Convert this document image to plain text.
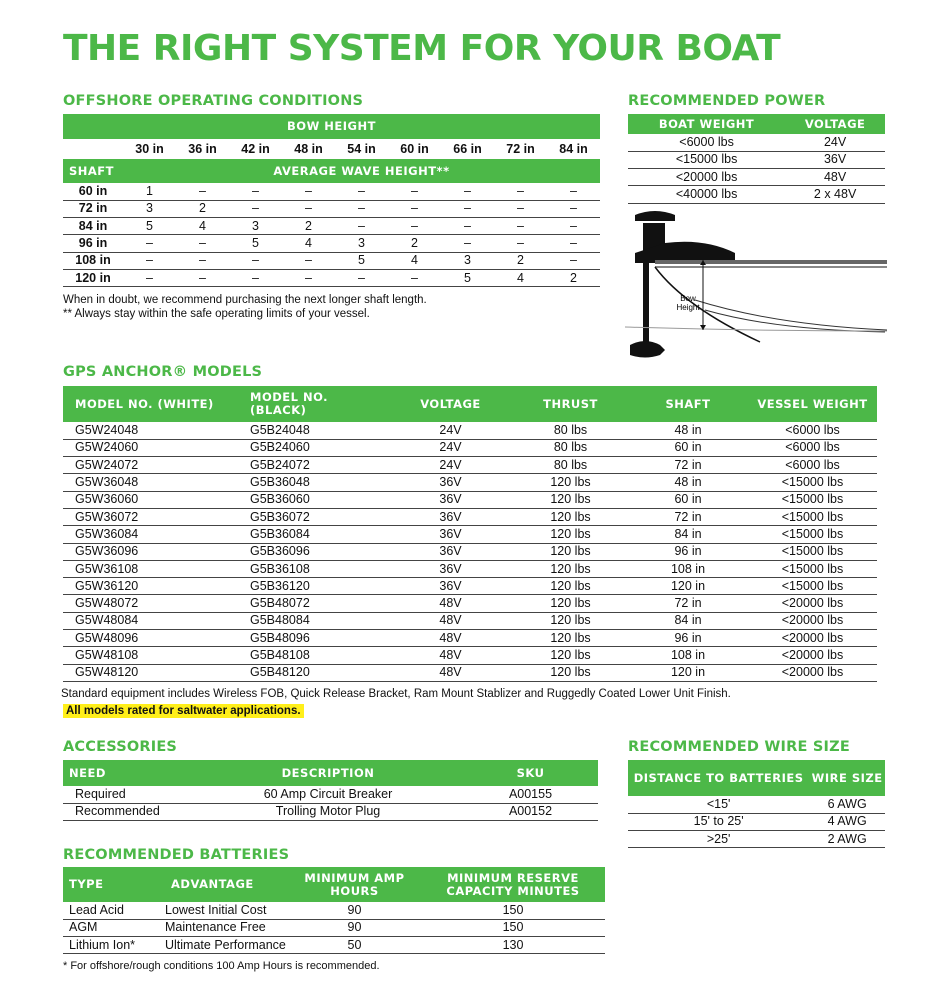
THE RIGHT SYSTEM FOR YOUR BOAT
OFFSHORE OPERATING CONDITIONS
BOW HEIGHT									
	30 in	36 in	42 in	48 in	54 in	60 in	66 in	72 in	84 in
SHAFT	AVERAGE WAVE HEIGHT**								
60 in	1	–	–	–	–	–	–	–	–
72 in	3	2	–	–	–	–	–	–	–
84 in	5	4	3	2	–	–	–	–	–
96 in	–	–	5	4	3	2	–	–	–
108 in	–	–	–	–	5	4	3	2	–
120 in	–	–	–	–	–	–	5	4	2
When in doubt, we recommend purchasing the next longer shaft length.
** Always stay within the safe operating limits of your vessel.
RECOMMENDED POWER
BOAT WEIGHT	VOLTAGE
<6000 lbs	24V
<15000 lbs	36V
<20000 lbs	48V
<40000 lbs	2 x 48V
Bow Height
GPS ANCHOR® MODELS
MODEL NO. (WHITE)	MODEL NO. (BLACK)	VOLTAGE	THRUST	SHAFT	VESSEL WEIGHT
G5W24048	G5B24048	24V	80 lbs	48 in	<6000 lbs
G5W24060	G5B24060	24V	80 lbs	60 in	<6000 lbs
G5W24072	G5B24072	24V	80 lbs	72 in	<6000 lbs
G5W36048	G5B36048	36V	120 lbs	48 in	<15000 lbs
G5W36060	G5B36060	36V	120 lbs	60 in	<15000 lbs
G5W36072	G5B36072	36V	120 lbs	72 in	<15000 lbs
G5W36084	G5B36084	36V	120 lbs	84 in	<15000 lbs
G5W36096	G5B36096	36V	120 lbs	96 in	<15000 lbs
G5W36108	G5B36108	36V	120 lbs	108 in	<15000 lbs
G5W36120	G5B36120	36V	120 lbs	120 in	<15000 lbs
G5W48072	G5B48072	48V	120 lbs	72 in	<20000 lbs
G5W48084	G5B48084	48V	120 lbs	84 in	<20000 lbs
G5W48096	G5B48096	48V	120 lbs	96 in	<20000 lbs
G5W48108	G5B48108	48V	120 lbs	108 in	<20000 lbs
G5W48120	G5B48120	48V	120 lbs	120 in	<20000 lbs
Standard equipment includes Wireless FOB, Quick Release Bracket, Ram Mount Stablizer and Ruggedly Coated Lower Unit Finish.
All models rated for saltwater applications.
ACCESSORIES
NEED	DESCRIPTION	SKU
Required	60 Amp Circuit Breaker	A00155
Recommended	Trolling Motor Plug	A00152
RECOMMENDED WIRE SIZE
DISTANCE TO BATTERIES	WIRE SIZE
<15'	6 AWG
15' to 25'	4 AWG
>25'	2 AWG
RECOMMENDED BATTERIES
TYPE	ADVANTAGE	MINIMUM AMP HOURS	MINIMUM RESERVE CAPACITY MINUTES
Lead Acid	Lowest Initial Cost	90	150
AGM	Maintenance Free	90	150
Lithium Ion*	Ultimate Performance	50	130
* For offshore/rough conditions 100 Amp Hours is recommended.
